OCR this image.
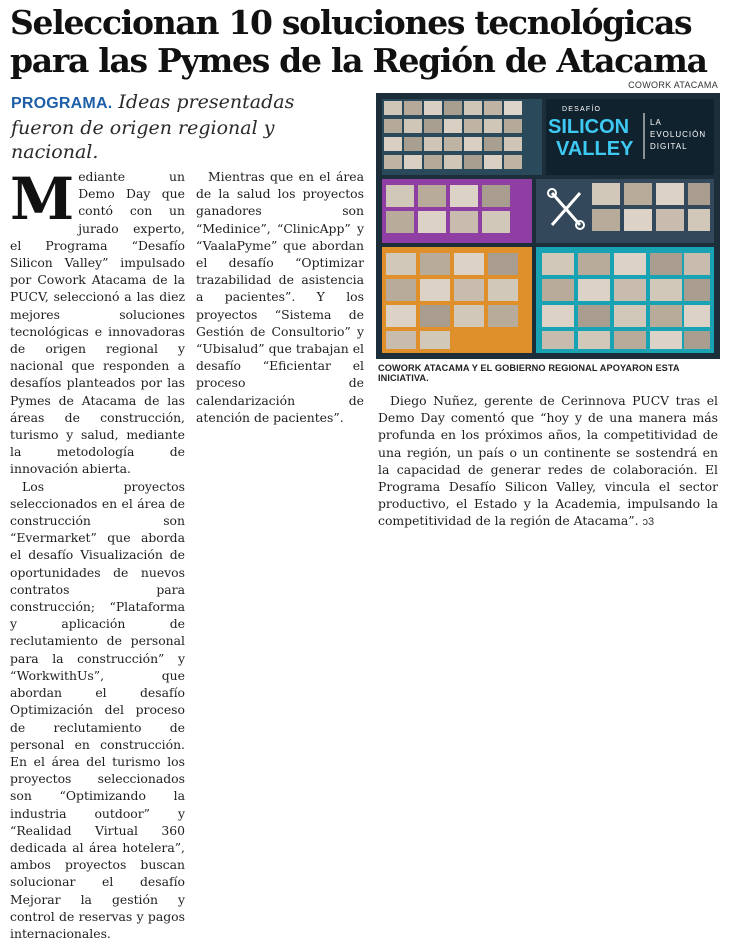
Seleccionan 10 soluciones tecnológicas para las Pymes de la Región de Atacama
PROGRAMA. Ideas presentadas fueron de origen regional y nacional.
COWORK ATACAMA
DESAFÍO
SILICON
VALLEY
LA
EVOLUCIÓN
DIGITAL
COWORK ATACAMA Y EL GOBIERNO REGIONAL APOYARON ESTA INICIATIVA.
M ediante un Demo Day que contó con un jurado experto, el Programa “Desafío Silicon Valley” impulsado por Cowork Atacama de la PUCV, seleccionó a las diez mejores soluciones tecnológicas e innovadoras de origen regional y nacional que responden a desafíos planteados por las Pymes de Atacama de las áreas de construcción, turismo y salud, mediante la metodología de innovación abierta.

Los proyectos seleccionados en el área de construcción son “Evermarket” que aborda el desafío Visualización de oportunidades de nuevos contratos para construcción; “Plataforma y aplicación de reclutamiento de personal para la construcción” y “WorkwithUs”, que abordan el desafío Optimización del proceso de reclutamiento de personal en construcción. En el área del turismo los proyectos seleccionados son “Optimizando la industria outdoor” y “Realidad Virtual 360 dedicada al área hotelera”, ambos proyectos buscan solucionar el desafío Mejorar la gestión y control de reservas y pagos internacionales.

Mientras que en el área de la salud los proyectos ganadores son “Medinice”, “ClinicApp” y “VaalaPyme” que abordan el desafío “Optimizar trazabilidad de asistencia a pacientes”. Y los proyectos “Sistema de Gestión de Consultorio” y “Ubisalud” que trabajan el desafío “Eficientar el proceso de calendarización de atención de pacientes”.

Diego Nuñez, gerente de Cerinnova PUCV tras el Demo Day comentó que “hoy y de una manera más profunda en los próximos años, la competitividad de una región, un país o un continente se sostendrá en la capacidad de generar redes de colaboración. El Programa Desafío Silicon Valley, vincula el sector productivo, el Estado y la Academia, impulsando la competitividad de la región de Atacama”. ↄ3
